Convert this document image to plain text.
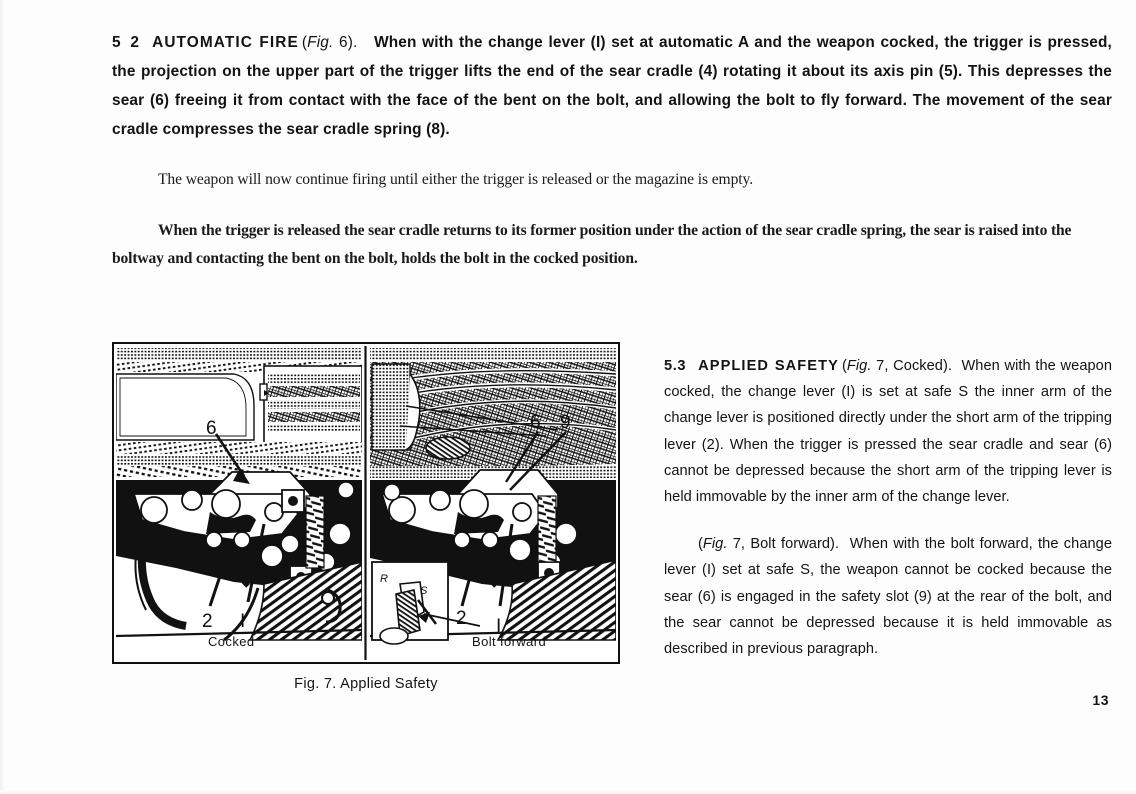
5 2 AUTOMATIC FIRE (Fig. 6). When with the change lever (I) set at automatic A and the weapon cocked, the trigger is pressed, the projection on the upper part of the trigger lifts the end of the sear cradle (4) rotating it about its axis pin (5). This depresses the sear (6) freeing it from contact with the face of the bent on the bolt, and allowing the bolt to fly forward. The movement of the sear cradle compresses the sear cradle spring (8).

The weapon will now continue firing until either the trigger is released or the magazine is empty.

When the trigger is released the sear cradle returns to its former position under the action of the sear cradle spring, the sear is raised into the boltway and contacting the bent on the bolt, holds the bolt in the cocked position.

5.3 APPLIED SAFETY (Fig. 7, Cocked). When with the weapon cocked, the change lever (I) is set at safe S the inner arm of the change lever is positioned directly under the short arm of the tripping lever (2). When the trigger is pressed the sear cradle and sear (6) cannot be depressed because the short arm of the tripping lever is held immovable by the inner arm of the change lever.

(Fig. 7, Bolt forward). When with the bolt forward, the change lever (I) set at safe S, the weapon cannot be cocked because the sear (6) is engaged in the safety slot (9) at the rear of the bolt, and the sear cannot be depressed because it is held immovable as described in previous paragraph.

6
2 I
Cocked
6 9
2 I
R
S
Bolt forward
Fig. 7. Applied Safety
13
